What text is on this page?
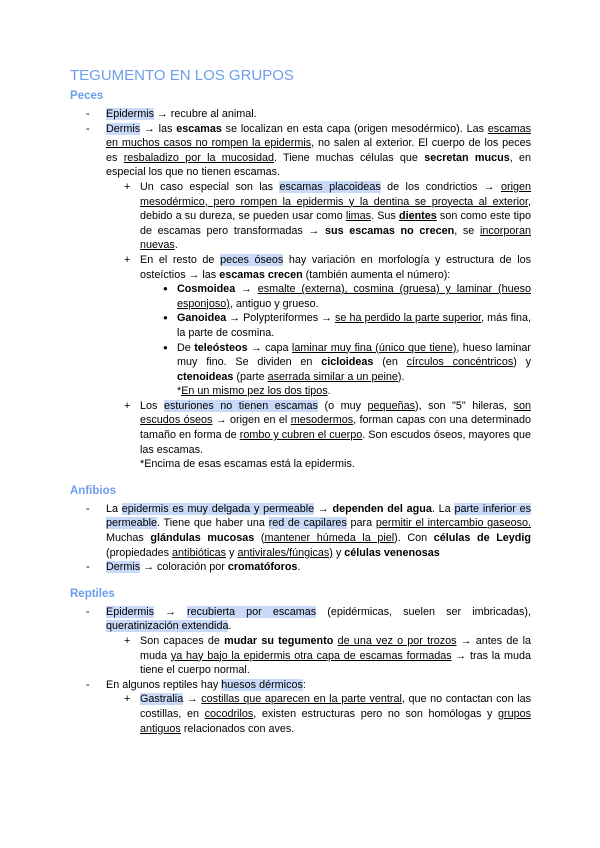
TEGUMENTO EN LOS GRUPOS
Peces
-	Epidermis → recubre al animal.
-	Dermis → las escamas se localizan en esta capa (origen mesodérmico). Las escamas en muchos casos no rompen la epidermis, no salen al exterior. El cuerpo de los peces es resbaladizo por la mucosidad. Tiene muchas células que secretan mucus, en especial los que no tienen escamas.
+ Un caso especial son las escamas placoideas de los condrictios → origen mesodérmico, pero rompen la epidermis y la dentina se proyecta al exterior, debido a su dureza, se pueden usar como limas. Sus dientes son como este tipo de escamas pero transformadas → sus escamas no crecen, se incorporan nuevas.
+ En el resto de peces óseos hay variación en morfología y estructura de los osteíctios → las escamas crecen (también aumenta el número):
● Cosmoidea → esmalte (externa), cosmina (gruesa) y laminar (hueso esponjoso), antiguo y grueso.
● Ganoidea → Polypteriformes → se ha perdido la parte superior, más fina, la parte de cosmina.
● De teleósteos → capa laminar muy fina (único que tiene), hueso laminar muy fino. Se dividen en cicloideas (en círculos concéntricos) y ctenoideas (parte aserrada similar a un peine).
*En un mismo pez los dos tipos.
+ Los esturiones no tienen escamas (o muy pequeñas), son "5" hileras, son escudos óseos → origen en el mesodermos, forman capas con una determinado tamaño en forma de rombo y cubren el cuerpo. Son escudos óseos, mayores que las escamas.
*Encima de esas escamas está la epidermis.
Anfibios
-	La epidermis es muy delgada y permeable → dependen del agua. La parte inferior es permeable. Tiene que haber una red de capilares para permitir el intercambio gaseoso. Muchas glándulas mucosas (mantener húmeda la piel). Con células de Leydig (propiedades antibióticas y antivirales/fúngicas) y células venenosas
-	Dermis → coloración por cromatóforos.
Reptiles
-	Epidermis → recubierta por escamas (epidérmicas, suelen ser imbricadas), queratinización extendida.
+ Son capaces de mudar su tegumento de una vez o por trozos → antes de la muda ya hay bajo la epidermis otra capa de escamas formadas → tras la muda tiene el cuerpo normal.
-	En algunos reptiles hay huesos dérmicos:
+ Gastralia → costillas que aparecen en la parte ventral, que no contactan con las costillas, en cocodrilos, existen estructuras pero no son homólogas y grupos antiguos relacionados con aves.
